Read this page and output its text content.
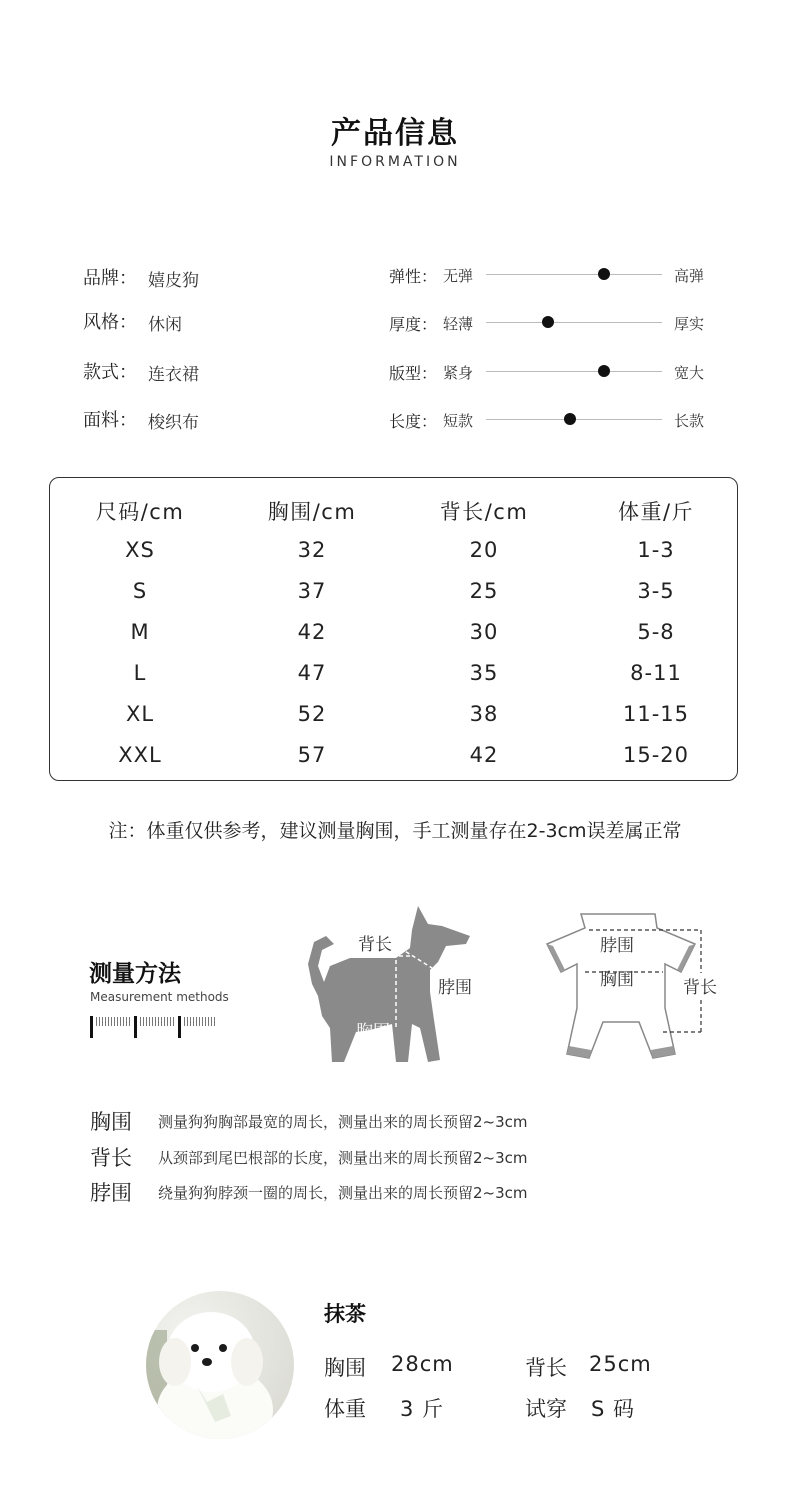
产品信息
INFORMATION
品牌： 嬉皮狗
风格： 休闲
款式： 连衣裙
面料： 梭织布
弹性： 无弹	高弹
厚度： 轻薄	厚实
版型： 紧身	宽大
长度： 短款	长款
尺码/cm	胸围/cm	背长/cm	体重/斤
XS	32	20	1-3
S	37	25	3-5
M	42	30	5-8
L	47	35	8-11
XL	52	38	11-15
XXL	57	42	15-20
注：体重仅供参考，建议测量胸围，手工测量存在2-3cm误差属正常
测量方法
Measurement methods
背长
脖围
胸围
脖围
胸围	背长
胸围 测量狗狗胸部最宽的周长，测量出来的周长预留2~3cm
背长 从颈部到尾巴根部的长度，测量出来的周长预留2~3cm
脖围 绕量狗狗脖颈一圈的周长，测量出来的周长预留2~3cm
抹茶
胸围 28cm	背长 25cm
体重 3 斤	试穿 S 码
